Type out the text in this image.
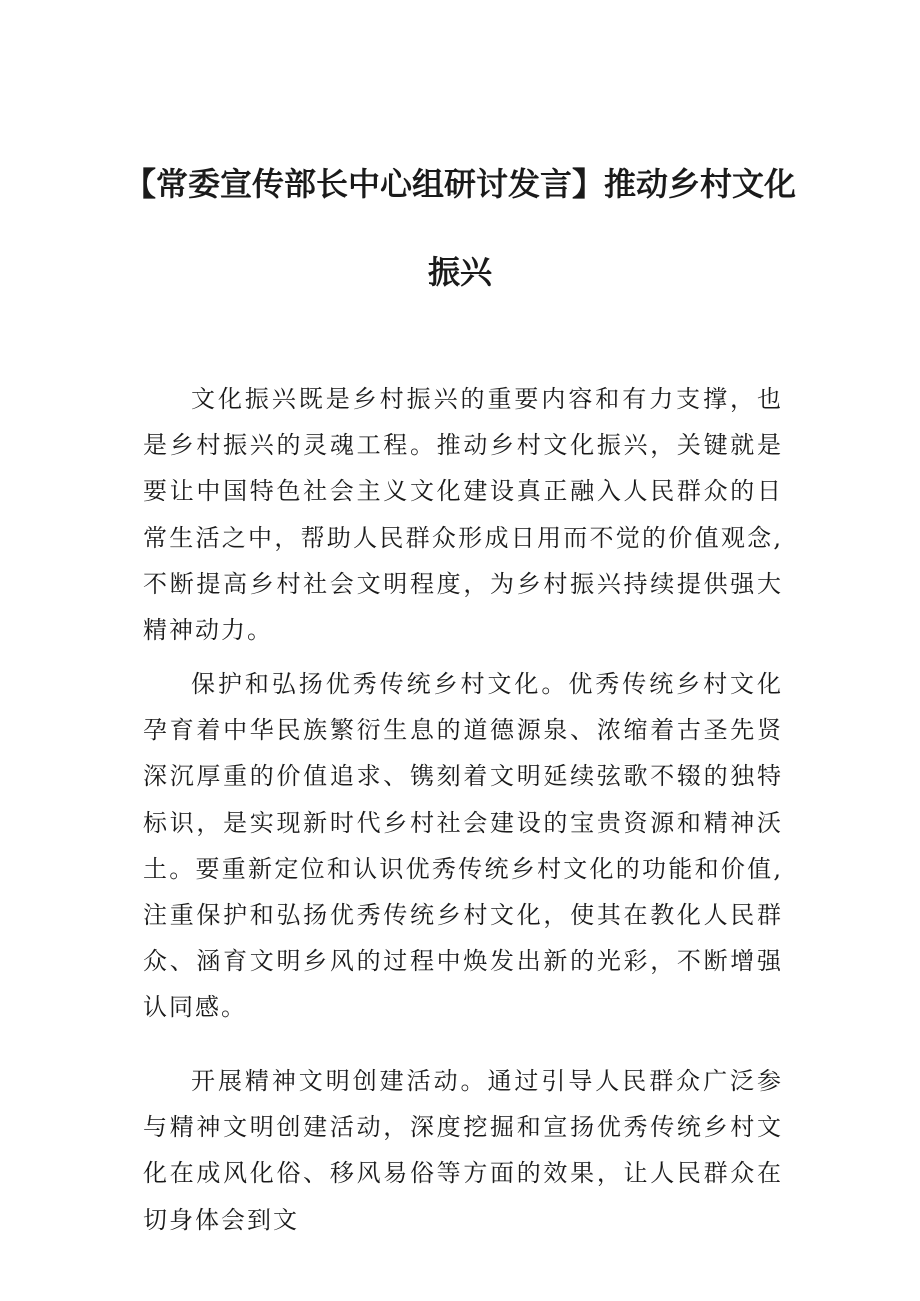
【常委宣传部长中心组研讨发言】推动乡村文化振兴

文化振兴既是乡村振兴的重要内容和有力支撑，也是乡村振兴的灵魂工程。推动乡村文化振兴，关键就是要让中国特色社会主义文化建设真正融入人民群众的日常生活之中，帮助人民群众形成日用而不觉的价值观念,不断提高乡村社会文明程度，为乡村振兴持续提供强大精神动力。

保护和弘扬优秀传统乡村文化。优秀传统乡村文化孕育着中华民族繁衍生息的道德源泉、浓缩着古圣先贤深沉厚重的价值追求、镌刻着文明延续弦歌不辍的独特标识，是实现新时代乡村社会建设的宝贵资源和精神沃土。要重新定位和认识优秀传统乡村文化的功能和价值,注重保护和弘扬优秀传统乡村文化，使其在教化人民群众、涵育文明乡风的过程中焕发出新的光彩，不断增强认同感。

开展精神文明创建活动。通过引导人民群众广泛参与精神文明创建活动，深度挖掘和宣扬优秀传统乡村文化在成风化俗、移风易俗等方面的效果，让人民群众在切身体会到文
